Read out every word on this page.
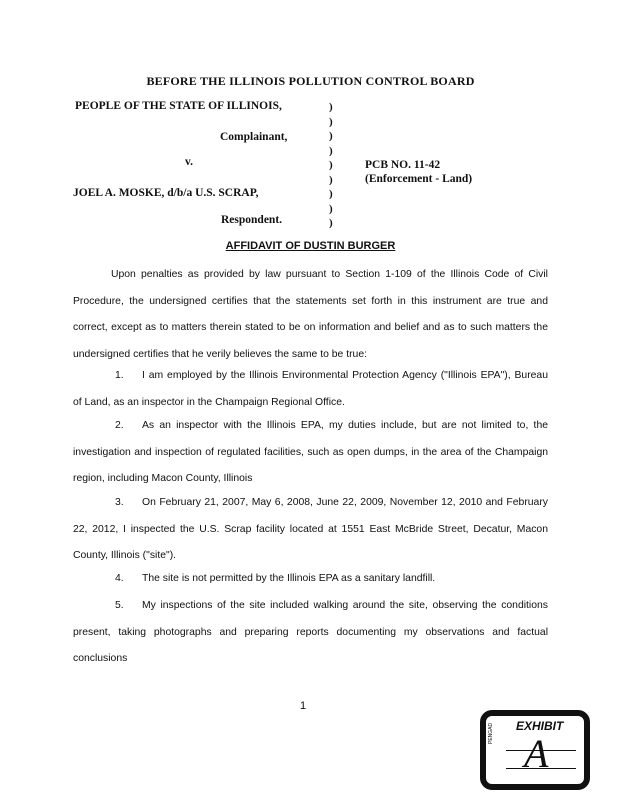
BEFORE THE ILLINOIS POLLUTION CONTROL BOARD
PEOPLE OF THE STATE OF ILLINOIS,
Complainant,
v.
JOEL A. MOSKE, d/b/a U.S. SCRAP,
Respondent.
PCB NO. 11-42
(Enforcement - Land)
)
)
)
)
)
)
)
)
)
AFFIDAVIT OF DUSTIN BURGER
Upon penalties as provided by law pursuant to Section 1-109 of the Illinois Code of Civil Procedure, the undersigned certifies that the statements set forth in this instrument are true and correct, except as to matters therein stated to be on information and belief and as to such matters the undersigned certifies that he verily believes the same to be true:
1. I am employed by the Illinois Environmental Protection Agency ("Illinois EPA"), Bureau of Land, as an inspector in the Champaign Regional Office.
2. As an inspector with the Illinois EPA, my duties include, but are not limited to, the investigation and inspection of regulated facilities, such as open dumps, in the area of the Champaign region, including Macon County, Illinois
3. On February 21, 2007, May 6, 2008, June 22, 2009, November 12, 2010 and February 22, 2012, I inspected the U.S. Scrap facility located at 1551 East McBride Street, Decatur, Macon County, Illinois ("site").
4. The site is not permitted by the Illinois EPA as a sanitary landfill.
5. My inspections of the site included walking around the site, observing the conditions present, taking photographs and preparing reports documenting my observations and factual conclusions
1
EXHIBIT
PENGAD A
